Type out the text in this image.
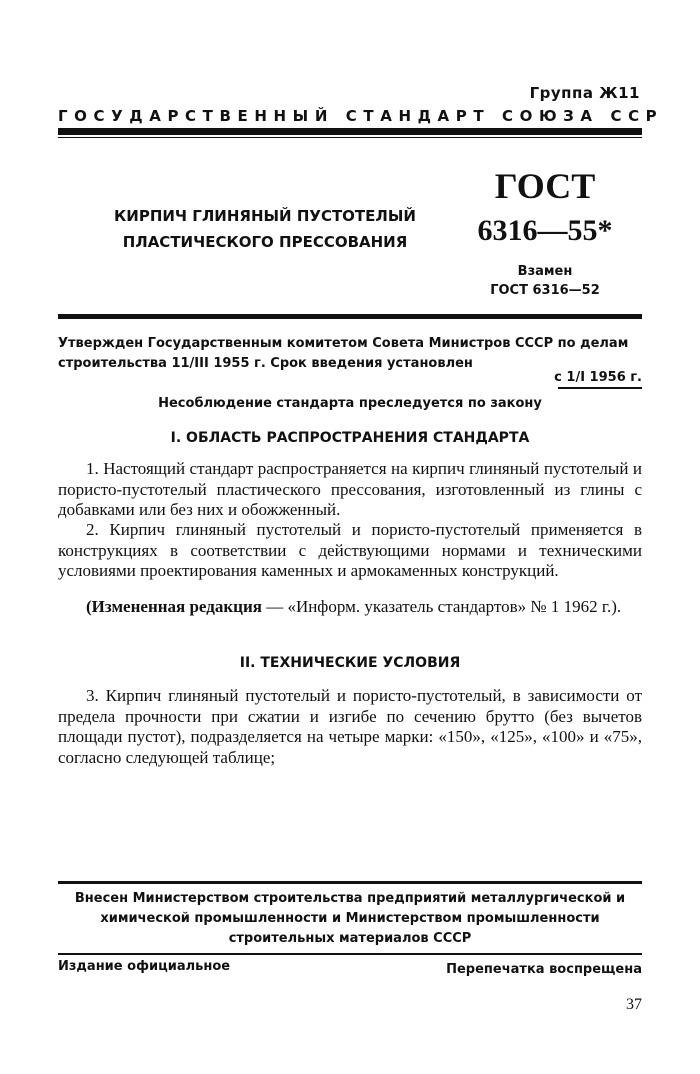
Группа Ж11
ГОСУДАРСТВЕННЫЙ СТАНДАРТ СОЮЗА ССР
КИРПИЧ ГЛИНЯНЫЙ ПУСТОТЕЛЫЙ
ПЛАСТИЧЕСКОГО ПРЕССОВАНИЯ
ГОСТ
6316—55*
Взамен
ГОСТ 6316—52
Утвержден Государственным комитетом Совета Министров СССР по делам строительства 11/III 1955 г. Срок введения установлен
с 1/I 1956 г.
Несоблюдение стандарта преследуется по закону
I. ОБЛАСТЬ РАСПРОСТРАНЕНИЯ СТАНДАРТА
1. Настоящий стандарт распространяется на кирпич глиняный пустотелый и пористо-пустотелый пластического прессования, изготовленный из глины с добавками или без них и обожженный.
2. Кирпич глиняный пустотелый и пористо-пустотелый применяется в конструкциях в соответствии с действующими нормами и техническими условиями проектирования каменных и армокаменных конструкций.
(Измененная редакция — «Информ. указатель стандартов» № 1 1962 г.).
II. ТЕХНИЧЕСКИЕ УСЛОВИЯ
3. Кирпич глиняный пустотелый и пористо-пустотелый, в зависимости от предела прочности при сжатии и изгибе по сечению брутто (без вычетов площади пустот), подразделяется на четыре марки: «150», «125», «100» и «75», согласно следующей таблице;
Внесен Министерством строительства предприятий металлургической и химической промышленности и Министерством промышленности строительных материалов СССР
Издание официальное	Перепечатка воспрещена
37
